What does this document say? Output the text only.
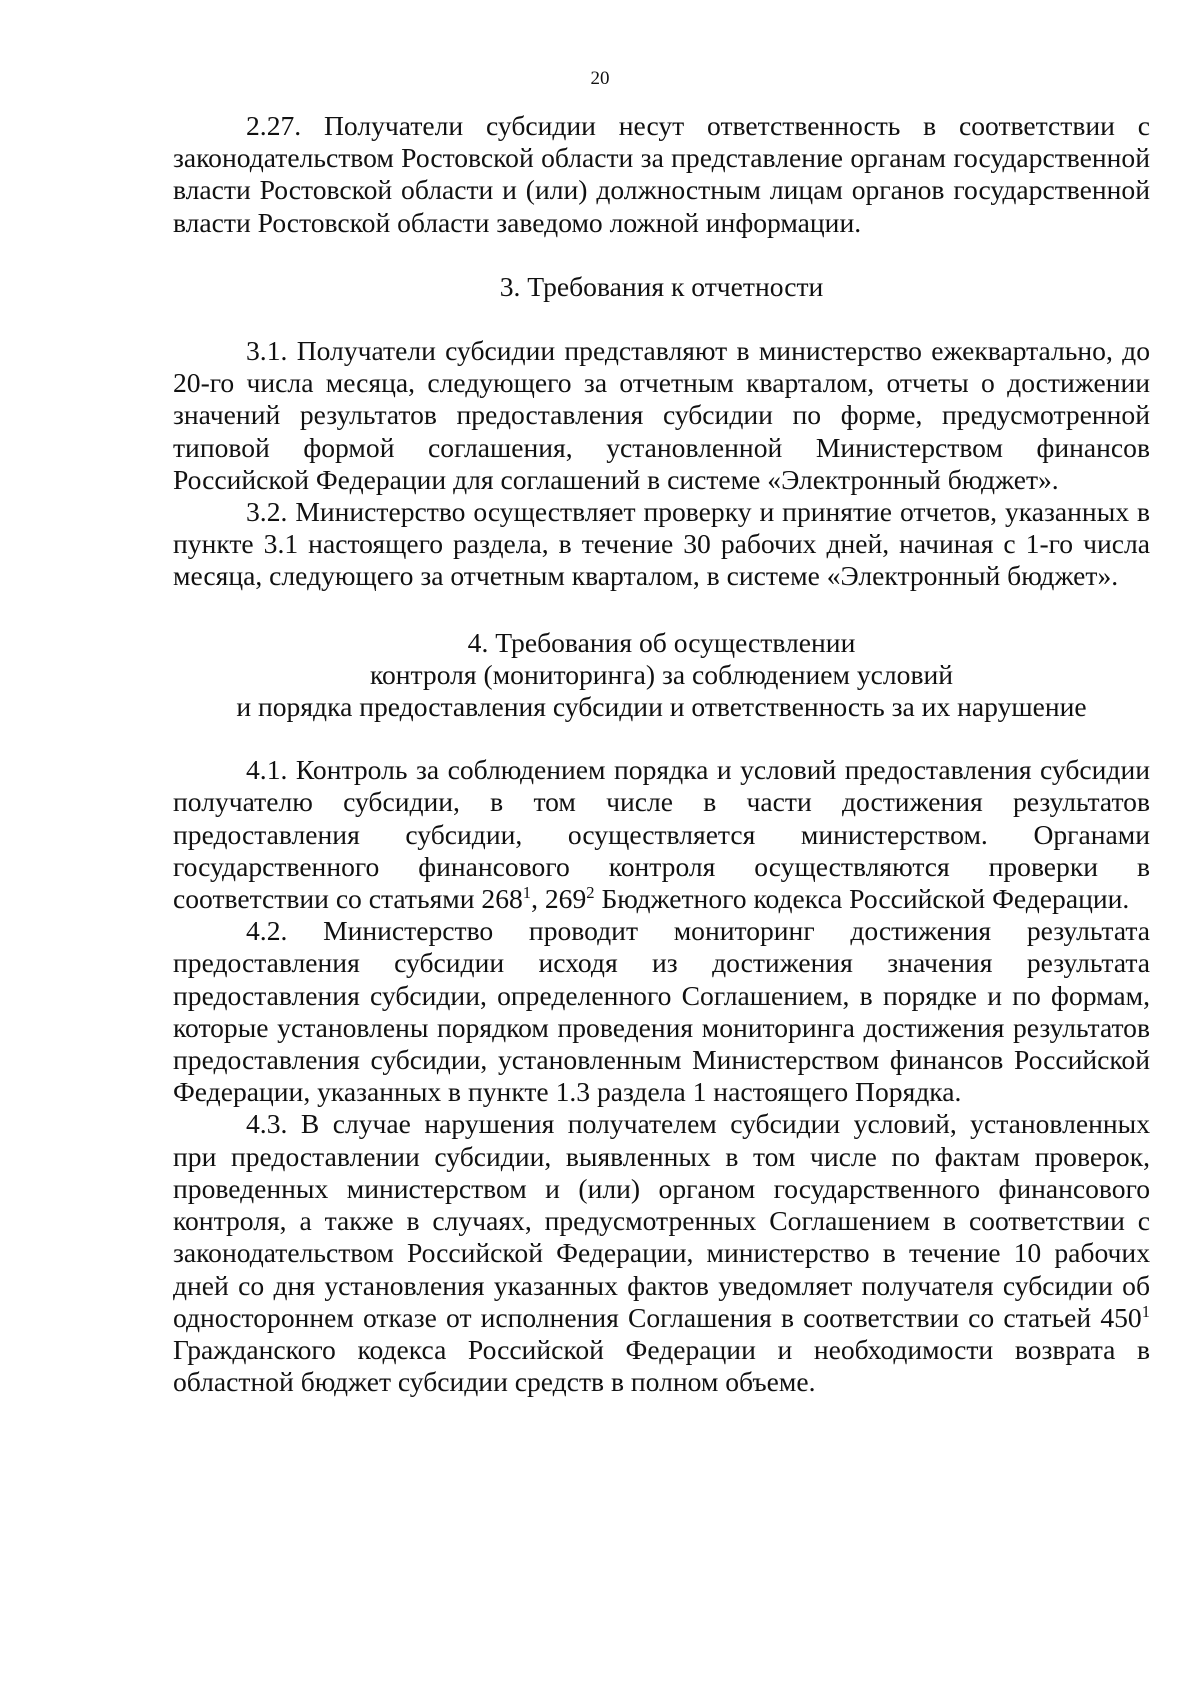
20

2.27. Получатели субсидии несут ответственность в соответствии с законодательством Ростовской области за представление органам государственной власти Ростовской области и (или) должностным лицам органов государственной власти Ростовской области заведомо ложной информации.

3. Требования к отчетности

3.1. Получатели субсидии представляют в министерство ежеквартально, до 20-го числа месяца, следующего за отчетным кварталом, отчеты о достижении значений результатов предоставления субсидии по форме, предусмотренной типовой формой соглашения, установленной Министерством финансов Российской Федерации для соглашений в системе «Электронный бюджет».

3.2. Министерство осуществляет проверку и принятие отчетов, указанных в пункте 3.1 настоящего раздела, в течение 30 рабочих дней, начиная с 1-го числа месяца, следующего за отчетным кварталом, в системе «Электронный бюджет».

4. Требования об осуществлении
контроля (мониторинга) за соблюдением условий
и порядка предоставления субсидии и ответственность за их нарушение

4.1. Контроль за соблюдением порядка и условий предоставления субсидии получателю субсидии, в том числе в части достижения результатов предоставления субсидии, осуществляется министерством. Органами государственного финансового контроля осуществляются проверки в соответствии со статьями $268^1$, $269^2$ Бюджетного кодекса Российской Федерации.

4.2. Министерство проводит мониторинг достижения результата предоставления субсидии исходя из достижения значения результата предоставления субсидии, определенного Соглашением, в порядке и по формам, которые установлены порядком проведения мониторинга достижения результатов предоставления субсидии, установленным Министерством финансов Российской Федерации, указанных в пункте 1.3 раздела 1 настоящего Порядка.

4.3. В случае нарушения получателем субсидии условий, установленных при предоставлении субсидии, выявленных в том числе по фактам проверок, проведенных министерством и (или) органом государственного финансового контроля, а также в случаях, предусмотренных Соглашением в соответствии с законодательством Российской Федерации, министерство в течение 10 рабочих дней со дня установления указанных фактов уведомляет получателя субсидии об одностороннем отказе от исполнения Соглашения в соответствии со статьей $450^1$ Гражданского кодекса Российской Федерации и необходимости возврата в областной бюджет субсидии средств в полном объеме.
